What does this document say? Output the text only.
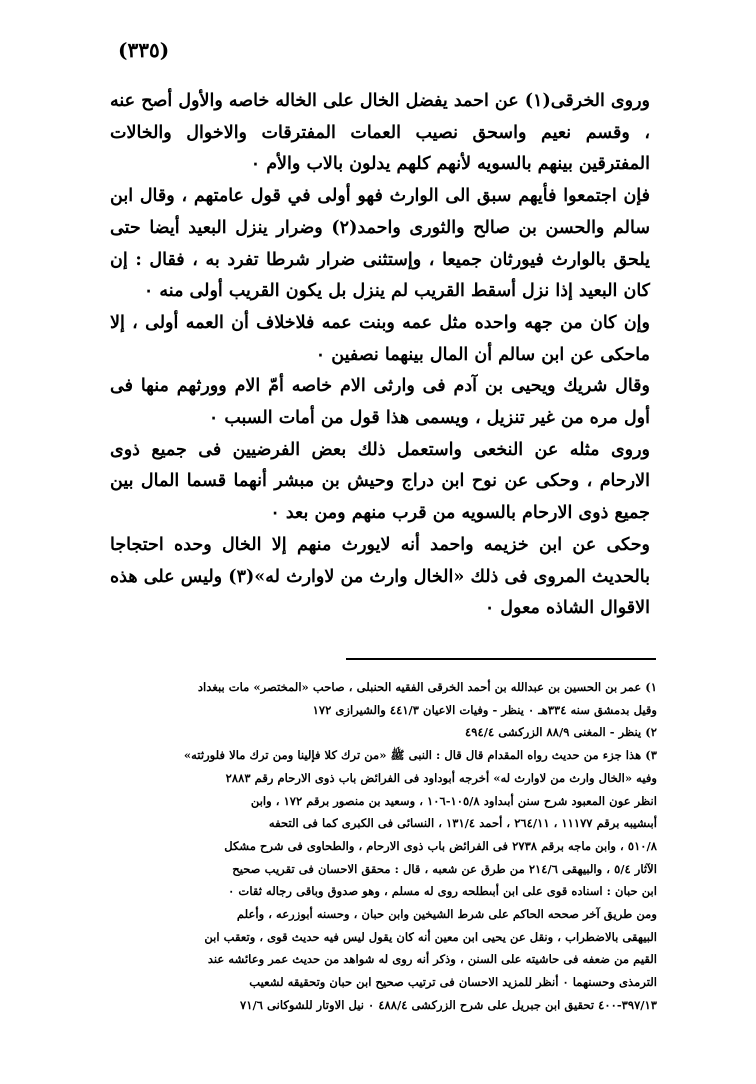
(٣٣٥)

وروى الخرقى(١) عن احمد يفضل الخال على الخاله خاصه والأول أصح عنه ، وقسم نعيم واسحق نصيب العمات المفترقات والاخوال والخالات المفترقين بينهم بالسويه لأنهم كلهم يدلون بالاب والأم ٠

فإن اجتمعوا فأيهم سبق الى الوارث فهو أولى في قول عامتهم ، وقال ابن سالم والحسن بن صالح والثورى واحمد(٢) وضرار ينزل البعيد أيضا حتى يلحق بالوارث فيورثان جميعا ، وإستثنى ضرار شرطا تفرد به ، فقال : إن كان البعيد إذا نزل أسقط القريب لم ينزل بل يكون القريب أولى منه ٠

وإن كان من جهه واحده مثل عمه وبنت عمه فلاخلاف أن العمه أولى ، إلا ماحكى عن ابن سالم أن المال بينهما نصفين ٠

وقال شريك ويحيى بن آدم فى وارثى الام خاصه أمّ الام وورثهم منها فى أول مره من غير تنزيل ، ويسمى هذا قول من أمات السبب ٠

وروى مثله عن النخعى واستعمل ذلك بعض الفرضيين فى جميع ذوى الارحام ، وحكى عن نوح ابن دراج وحيش بن مبشر أنهما قسما المال بين جميع ذوى الارحام بالسويه من قرب منهم ومن بعد ٠

وحكى عن ابن خزيمه واحمد أنه لايورث منهم إلا الخال وحده احتجاجا بالحديث المروى فى ذلك «الخال وارث من لاوارث له»(٣) وليس على هذه الاقوال الشاذه معول ٠

١) عمر بن الحسين بن عبدالله بن أحمد الخرقى الفقيه الحنبلى ، صاحب «المختصر» مات ببغداد

وقيل بدمشق سنه ٣٣٤هـ ٠ ينظر - وفيات الاعيان ٤٤١/٣ والشيرازى ١٧٢

٢) ينظر - المغنى ٨٨/٩ الزركشى ٤٩٤/٤

٣) هذا جزء من حديث رواه المقدام قال قال : النبى ﷺ «من ترك كلا فإلينا ومن ترك مالا فلورثته»

وفيه «الخال وارث من لاوارث له» أخرجه أبوداود فى الفرائض باب ذوى الارحام رقم ٢٨٨٣

انظر عون المعبود شرح سنن أبىداود ١٠٥/٨-١٠٦ ، وسعيد بن منصور برقم ١٧٢ ، وابن

أبىشيبه برقم ١١١٧٧ ، ٢٦٤/١١ ، أحمد ١٣١/٤ ، النسائى فى الكبرى كما فى التحفه

٥١٠/٨ ، وابن ماجه برقم ٢٧٣٨ فى الفرائض باب ذوى الارحام ، والطحاوى فى شرح مشكل

الآثار ٥/٤ ، والبيهقى ٢١٤/٦ من طرق عن شعبه ، قال : محقق الاحسان فى تقريب صحيح

ابن حبان : اسناده قوى على ابن أبىطلحه روى له مسلم ، وهو صدوق وباقى رجاله ثقات ٠

ومن طريق آخر صححه الحاكم على شرط الشيخين وابن حبان ، وحسنه أبوزرعه ، وأعلم

البيهقى بالاضطراب ، ونقل عن يحيى ابن معين أنه كان يقول ليس فيه حديث قوى ، وتعقب ابن

القيم من ضعفه فى حاشيته على السنن ، وذكر أنه روى له شواهد من حديث عمر وعائشه عند

الترمذى وحسنهما ٠ أنظر للمزيد الاحسان فى ترتيب صحيح ابن حبان وتحقيقه لشعيب

٣٩٧/١٣-٤٠٠ تحقيق ابن جبريل على شرح الزركشى ٤٨٨/٤ ٠ نيل الاوتار للشوكانى ٧١/٦
